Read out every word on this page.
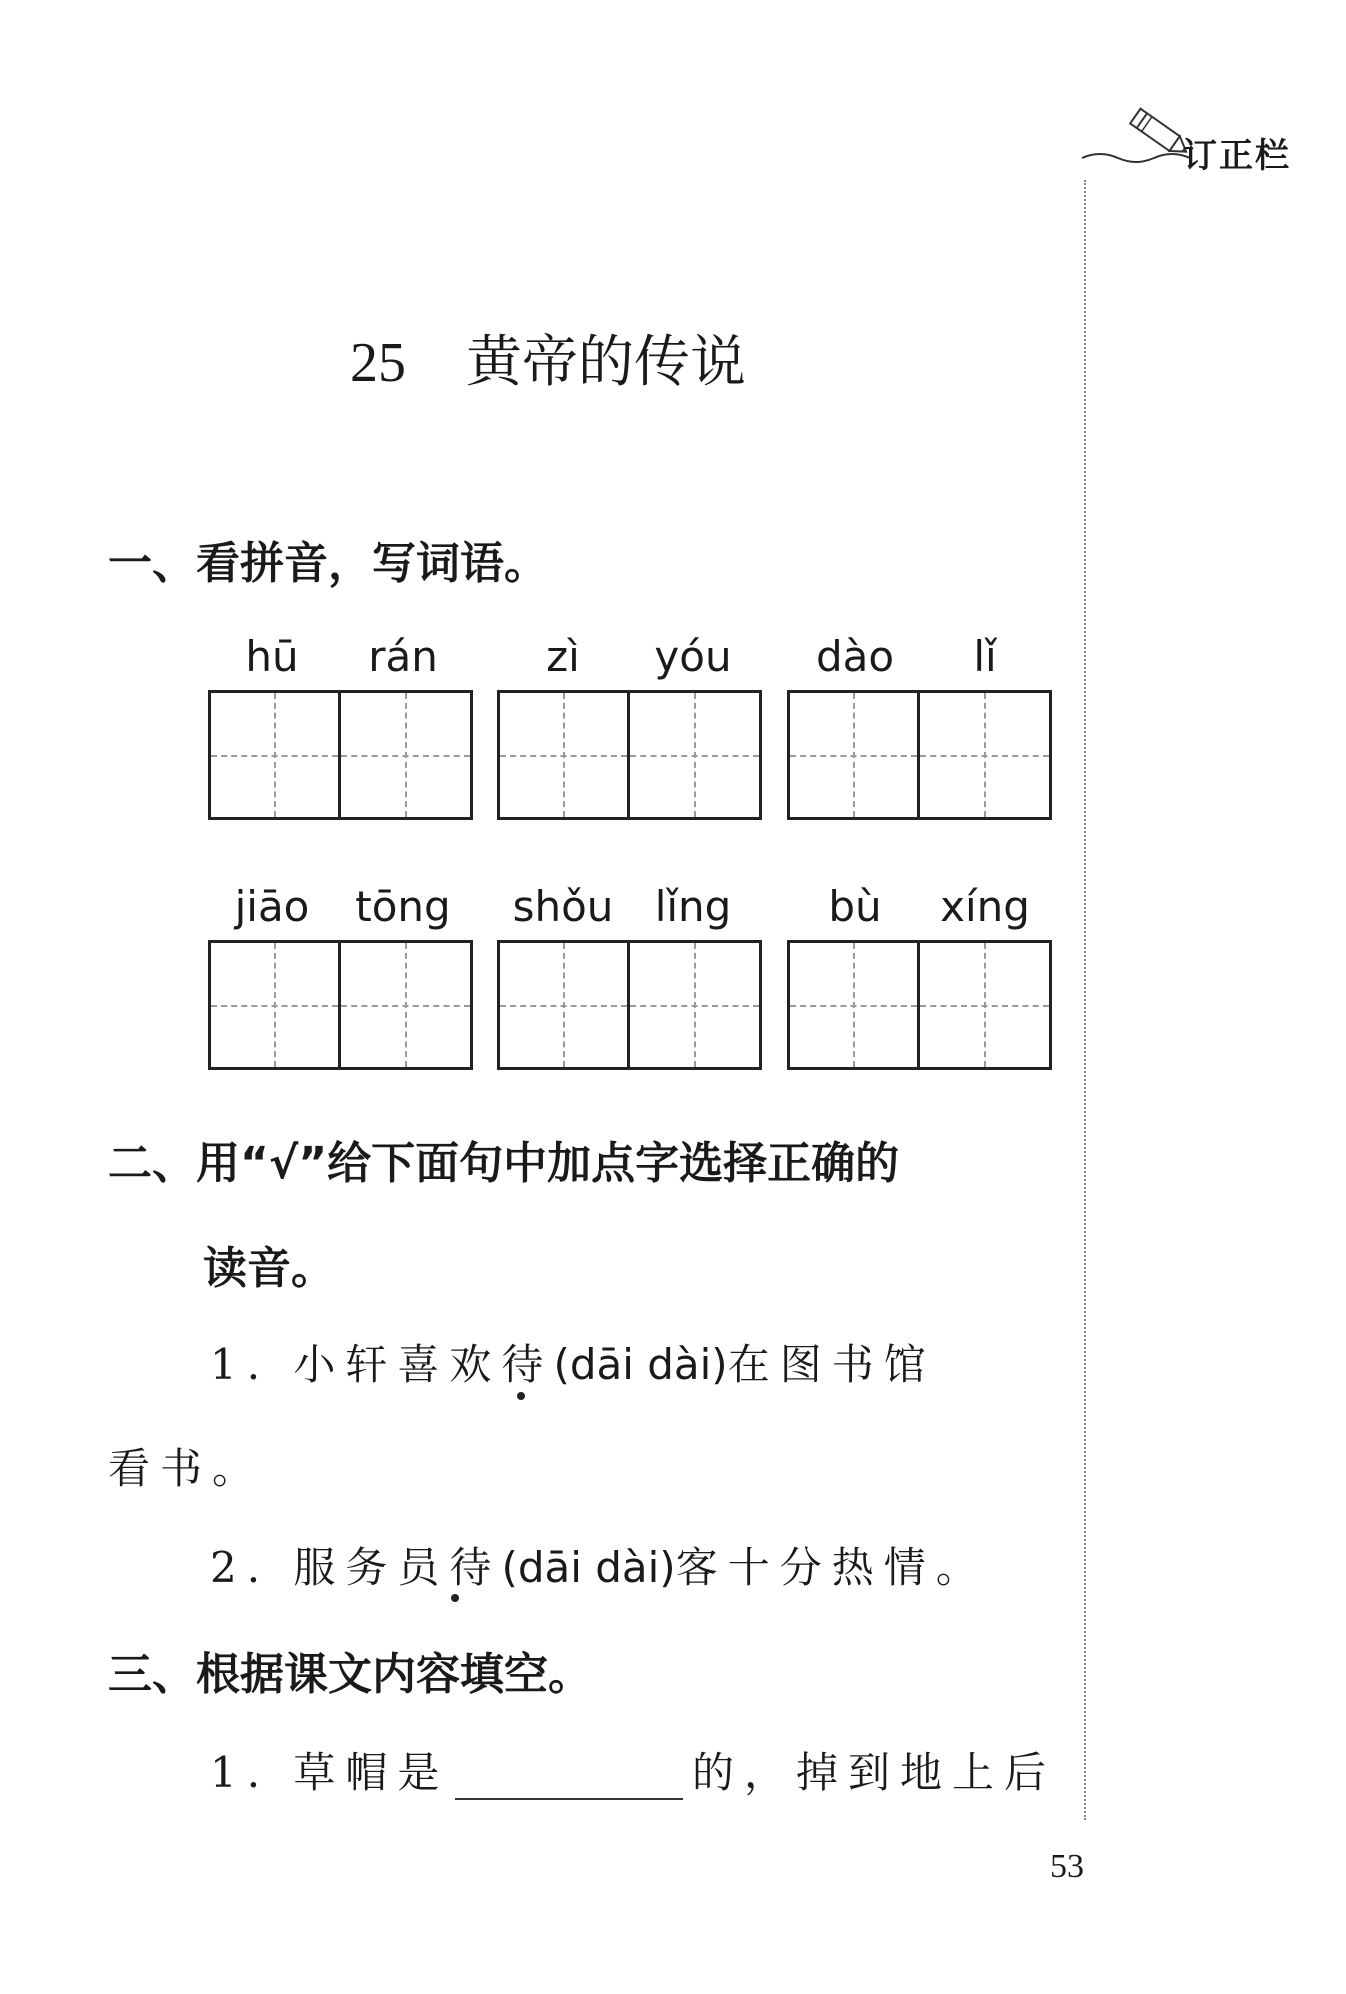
订正栏
25 黄帝的传说
一、看拼音，写词语。
hū	rán	zì	yóu	dào	lǐ
jiāo	tōng	shǒu lǐng	bù	xíng
二、用“√”给下面句中加点字选择正确的
读音。
1. 小轩喜欢待(dāi dài)在图书馆
看书。
2. 服务员待(dāi dài)客十分热情。
三、根据课文内容填空。
1. 草帽是	的，掉到地上后
53
